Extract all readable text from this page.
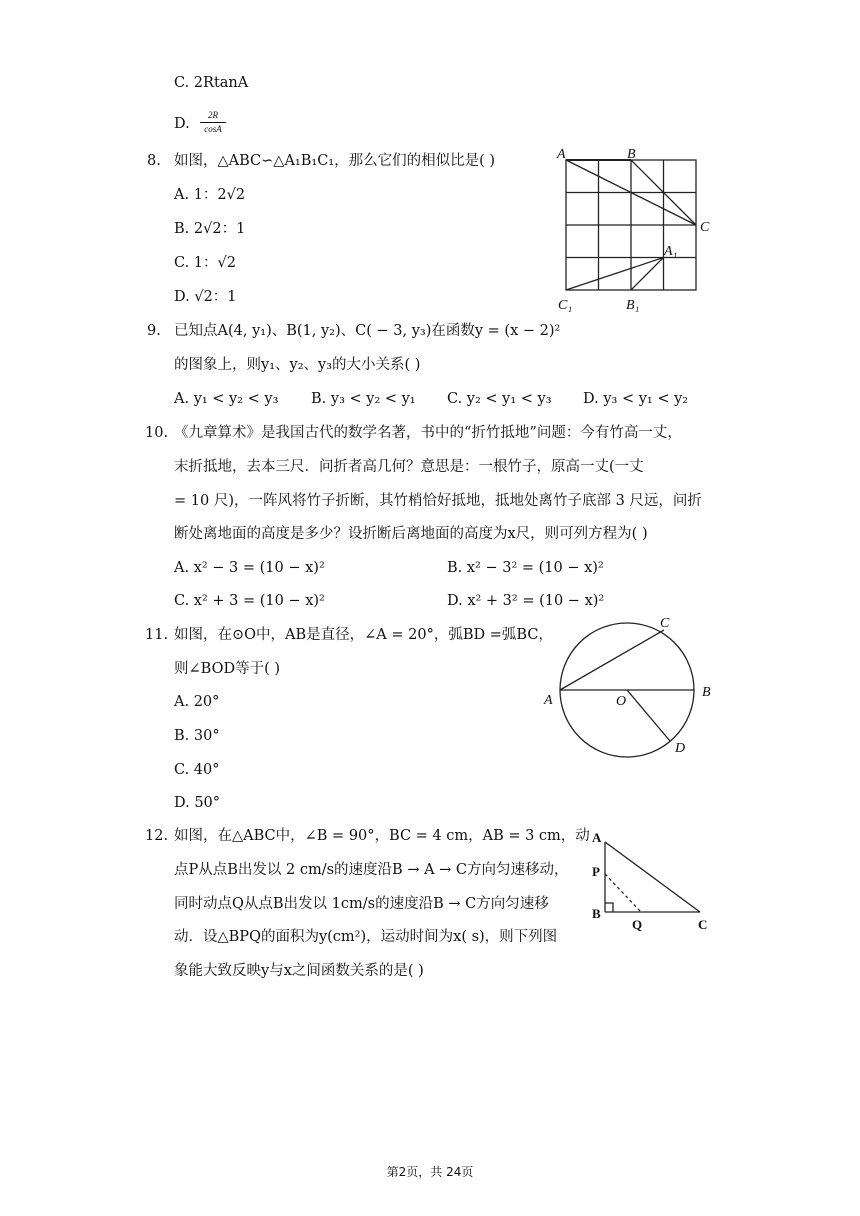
C. 2RtanA
D.
2R
cosA
8. 如图，△ABC∽△A₁B₁C₁，那么它们的相似比是( )
A. 1：2√2
B. 2√2：1
C. 1：√2
D. √2：1
A	B
C
A₁
C₁	B₁
9. 已知点A(4, y₁)、B(1, y₂)、C( − 3, y₃)在函数y = (x − 2)²
的图象上，则y₁、y₂、y₃的大小关系( )
A. y₁ < y₂ < y₃ B. y₃ < y₂ < y₁ C. y₂ < y₁ < y₃ D. y₃ < y₁ < y₂
10. 《九章算术》是我国古代的数学名著，书中的“折竹抵地”问题：今有竹高一丈，
末折抵地，去本三尺．问折者高几何？意思是：一根竹子，原高一丈(一丈
= 10 尺)，一阵风将竹子折断，其竹梢恰好抵地，抵地处离竹子底部 3 尺远，问折
断处离地面的高度是多少？设折断后离地面的高度为x尺，则可列方程为( )
A. x² − 3 = (10 − x)²	B. x² − 3² = (10 − x)²
C. x² + 3 = (10 − x)²	D. x² + 3² = (10 − x)²
11. 如图，在⊙O中，AB是直径，∠A = 20°，弧BD =弧BC，
则∠BOD等于( )
A. 20°
B. 30°
C. 40°
D. 50°
A	O
B
C
D
12. 如图，在△ABC中，∠B = 90°，BC = 4 cm，AB = 3 cm，动
点P从点B出发以 2 cm/s的速度沿B → A → C方向匀速移动，
同时动点Q从点B出发以 1cm/s的速度沿B → C方向匀速移
动．设△BPQ的面积为y(cm²)，运动时间为x( s)，则下列图
象能大致反映y与x之间函数关系的是( )
A
P
B
Q	C
第2页，共 24页
